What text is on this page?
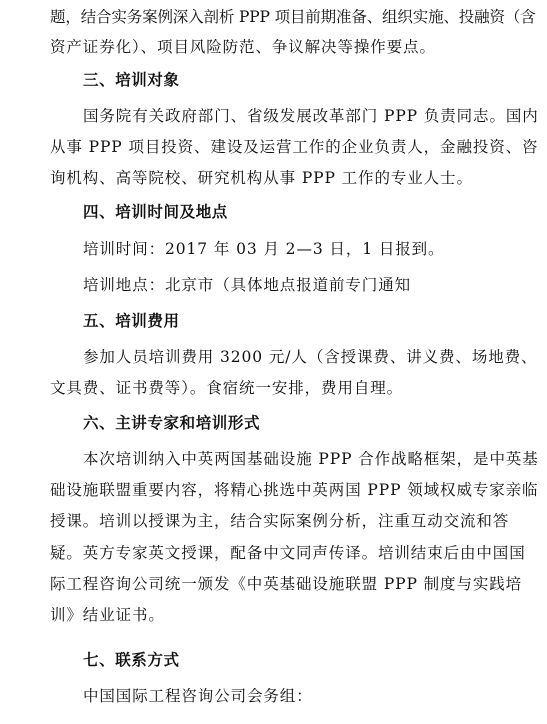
题，结合实务案例深入剖析 PPP 项目前期准备、组织实施、投融资（含
资产证券化）、项目风险防范、争议解决等操作要点。
三、培训对象
国务院有关政府部门、省级发展改革部门 PPP 负责同志。国内
从事 PPP 项目投资、建设及运营工作的企业负责人，金融投资、咨
询机构、高等院校、研究机构从事 PPP 工作的专业人士。
四、培训时间及地点
培训时间：2017 年 03 月 2—3 日，1 日报到。
培训地点：北京市（具体地点报道前专门通知
五、培训费用
参加人员培训费用 3200 元/人（含授课费、讲义费、场地费、
文具费、证书费等）。食宿统一安排，费用自理。
六、主讲专家和培训形式
本次培训纳入中英两国基础设施 PPP 合作战略框架，是中英基
础设施联盟重要内容，将精心挑选中英两国 PPP 领域权威专家亲临
授课。培训以授课为主，结合实际案例分析，注重互动交流和答
疑。英方专家英文授课，配备中文同声传译。培训结束后由中国国
际工程咨询公司统一颁发《中英基础设施联盟 PPP 制度与实践培
训》结业证书。
七、联系方式
中国国际工程咨询公司会务组：
